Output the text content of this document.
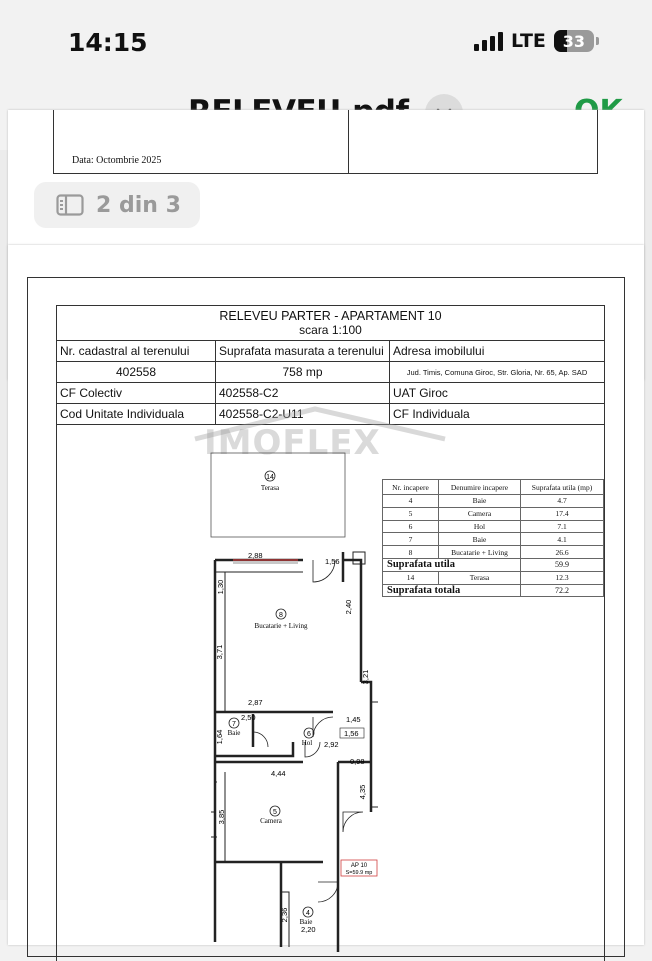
14:15	LTE 33
Data: Octombrie 2025
2 din 3
RELEVEU PARTER - APARTAMENT 10
scara 1:100		

Nr. cadastral al terenului	Suprafata masurata a terenului	Adresa imobilului
402558	758 mp	Jud. Timis, Comuna Giroc, Str. Gloria, Nr. 65, Ap. SAD
CF Colectiv	402558-C2	UAT Giroc
Cod Unitate Individuala	402558-C2-U11	CF Individuala
IMOFLEX
Nr. incapere	Denumire incapere	Suprafata utila (mp)
4	Baie	4.7
5	Camera	17.4
6	Hol	7.1
7	Baie	4.1
8	Bucatarie + Living	26.6
Suprafata utila		59.9
14	Terasa	12.3
Suprafata totala		72.2
14
Terasa
8
Bucatarie + Living
7
Baie	6
Hol
5
Camera
4
Baie
AP 10
S=59.9 mp
2,88
1,56
1,30
2,40
3,71
3,21
2,87
2,50	1,45
1,64	1,56
2,92
0,98
4,44
4,35
3,85
2,36
2,20
